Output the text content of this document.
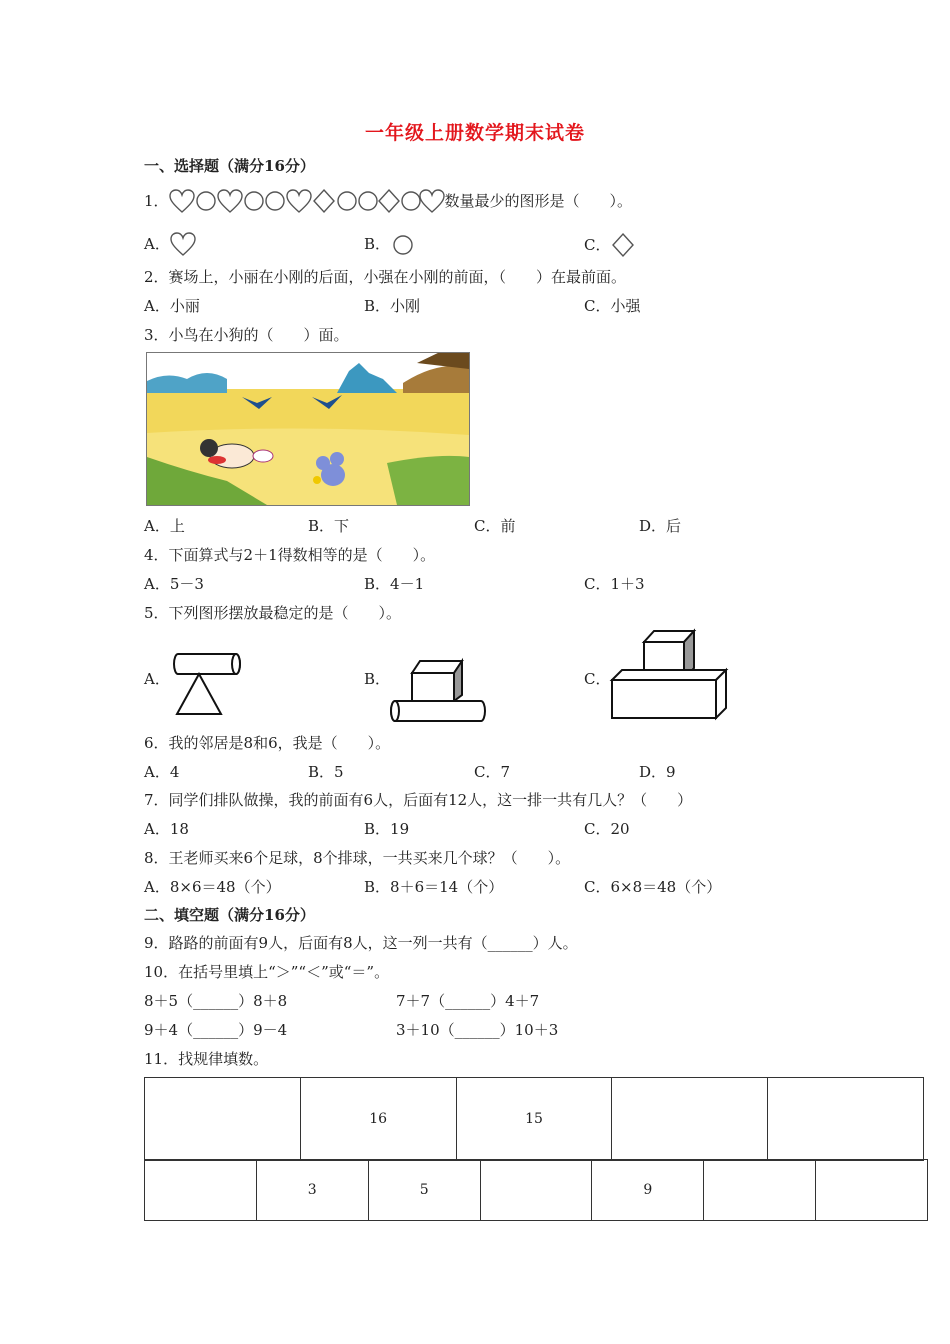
一年级上册数学期末试卷
一、选择题（满分16分）
1．	数量最少的图形是（　　）。
A．	B．	C．
2．赛场上，小丽在小刚的后面，小强在小刚的前面，（　　）在最前面。
A．小丽	B．小刚	C．小强
3．小鸟在小狗的（　　）面。
A．上	B．下	C．前	D．后
4．下面算式与2＋1得数相等的是（　　）。
A．5－3	B．4－1	C．1＋3
5．下列图形摆放最稳定的是（　　）。
A．	B．	C．
6．我的邻居是8和6，我是（　　）。
A．4	B．5	C．7	D．9
7．同学们排队做操，我的前面有6人，后面有12人，这一排一共有几人？（　　）
A．18	B．19	C．20
8．王老师买来6个足球，8个排球，一共买来几个球？（　　）。
A．8×6＝48（个）	B．8＋6＝14（个）	C．6×8＝48（个）
二、填空题（满分16分）
9．路路的前面有9人，后面有8人，这一列一共有（______）人。
10．在括号里填上“＞”“＜”或“＝”。
8＋5（______）8＋8	7＋7（______）4＋7
9＋4（______）9－4	3＋10（______）10＋3
11．找规律填数。
	16	15		
	3	5		9		
